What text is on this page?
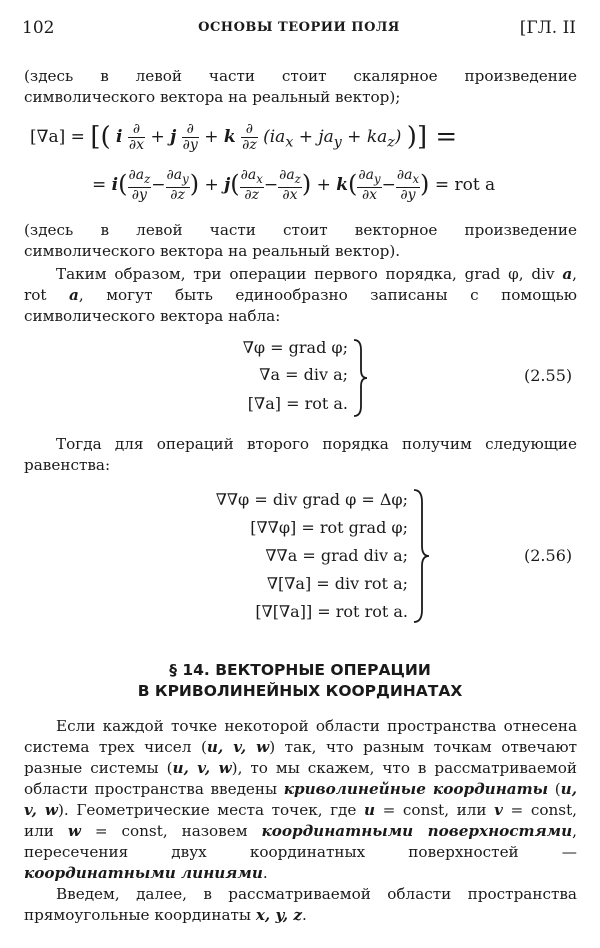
102	ОСНОВЫ ТЕОРИИ ПОЛЯ	[ГЛ. II

(здесь в левой части стоит скалярное произведение символического вектора на реальный вектор);

[∇a] = [( i $\frac{\partial}{\partial x} + j \frac{\partial}{\partial y} + k \frac{\partial}{\partial z} (ia_x + ja_y + ka_z)$ )] =
= $i( \frac{\partial a_z}{\partial y} - \frac{\partial a_y}{\partial z}$ ) + $j( \frac{\partial a_x}{\partial z} - \frac{\partial a_z}{\partial x}$ ) + $k( \frac{\partial a_y}{\partial x} - \frac{\partial a_x}{\partial y}$ ) = rot a

(здесь в левой части стоит векторное произведение символического вектора на реальный вектор).

Таким образом, три операции первого порядка, grad φ, div a, rot a, могут быть единообразно записаны с помощью символического вектора набла:

∇φ = grad φ;
∇a = div a;
[∇a] = rot a.
(2.55)

Тогда для операций второго порядка получим следующие равенства:

∇∇φ = div grad φ = Δφ;
[∇∇φ] = rot grad φ;
∇∇a = grad div a;
∇[∇a] = div rot a;
[∇[∇a]] = rot rot a.
(2.56)
§ 14. ВЕКТОРНЫЕ ОПЕРАЦИИ
В КРИВОЛИНЕЙНЫХ КООРДИНАТАХ

Если каждой точке некоторой области пространства отнесена система трех чисел (u, v, w) так, что разным точкам отвечают разные системы (u, v, w), то мы скажем, что в рассматриваемой области пространства введены криволинейные координаты (u, v, w). Геометрические места точек, где u = const, или v = const, или w = const, назовем координатными поверхностями, пересечения двух координатных поверхностей — координатными линиями.

Введем, далее, в рассматриваемой области пространства прямоугольные координаты x, y, z.
